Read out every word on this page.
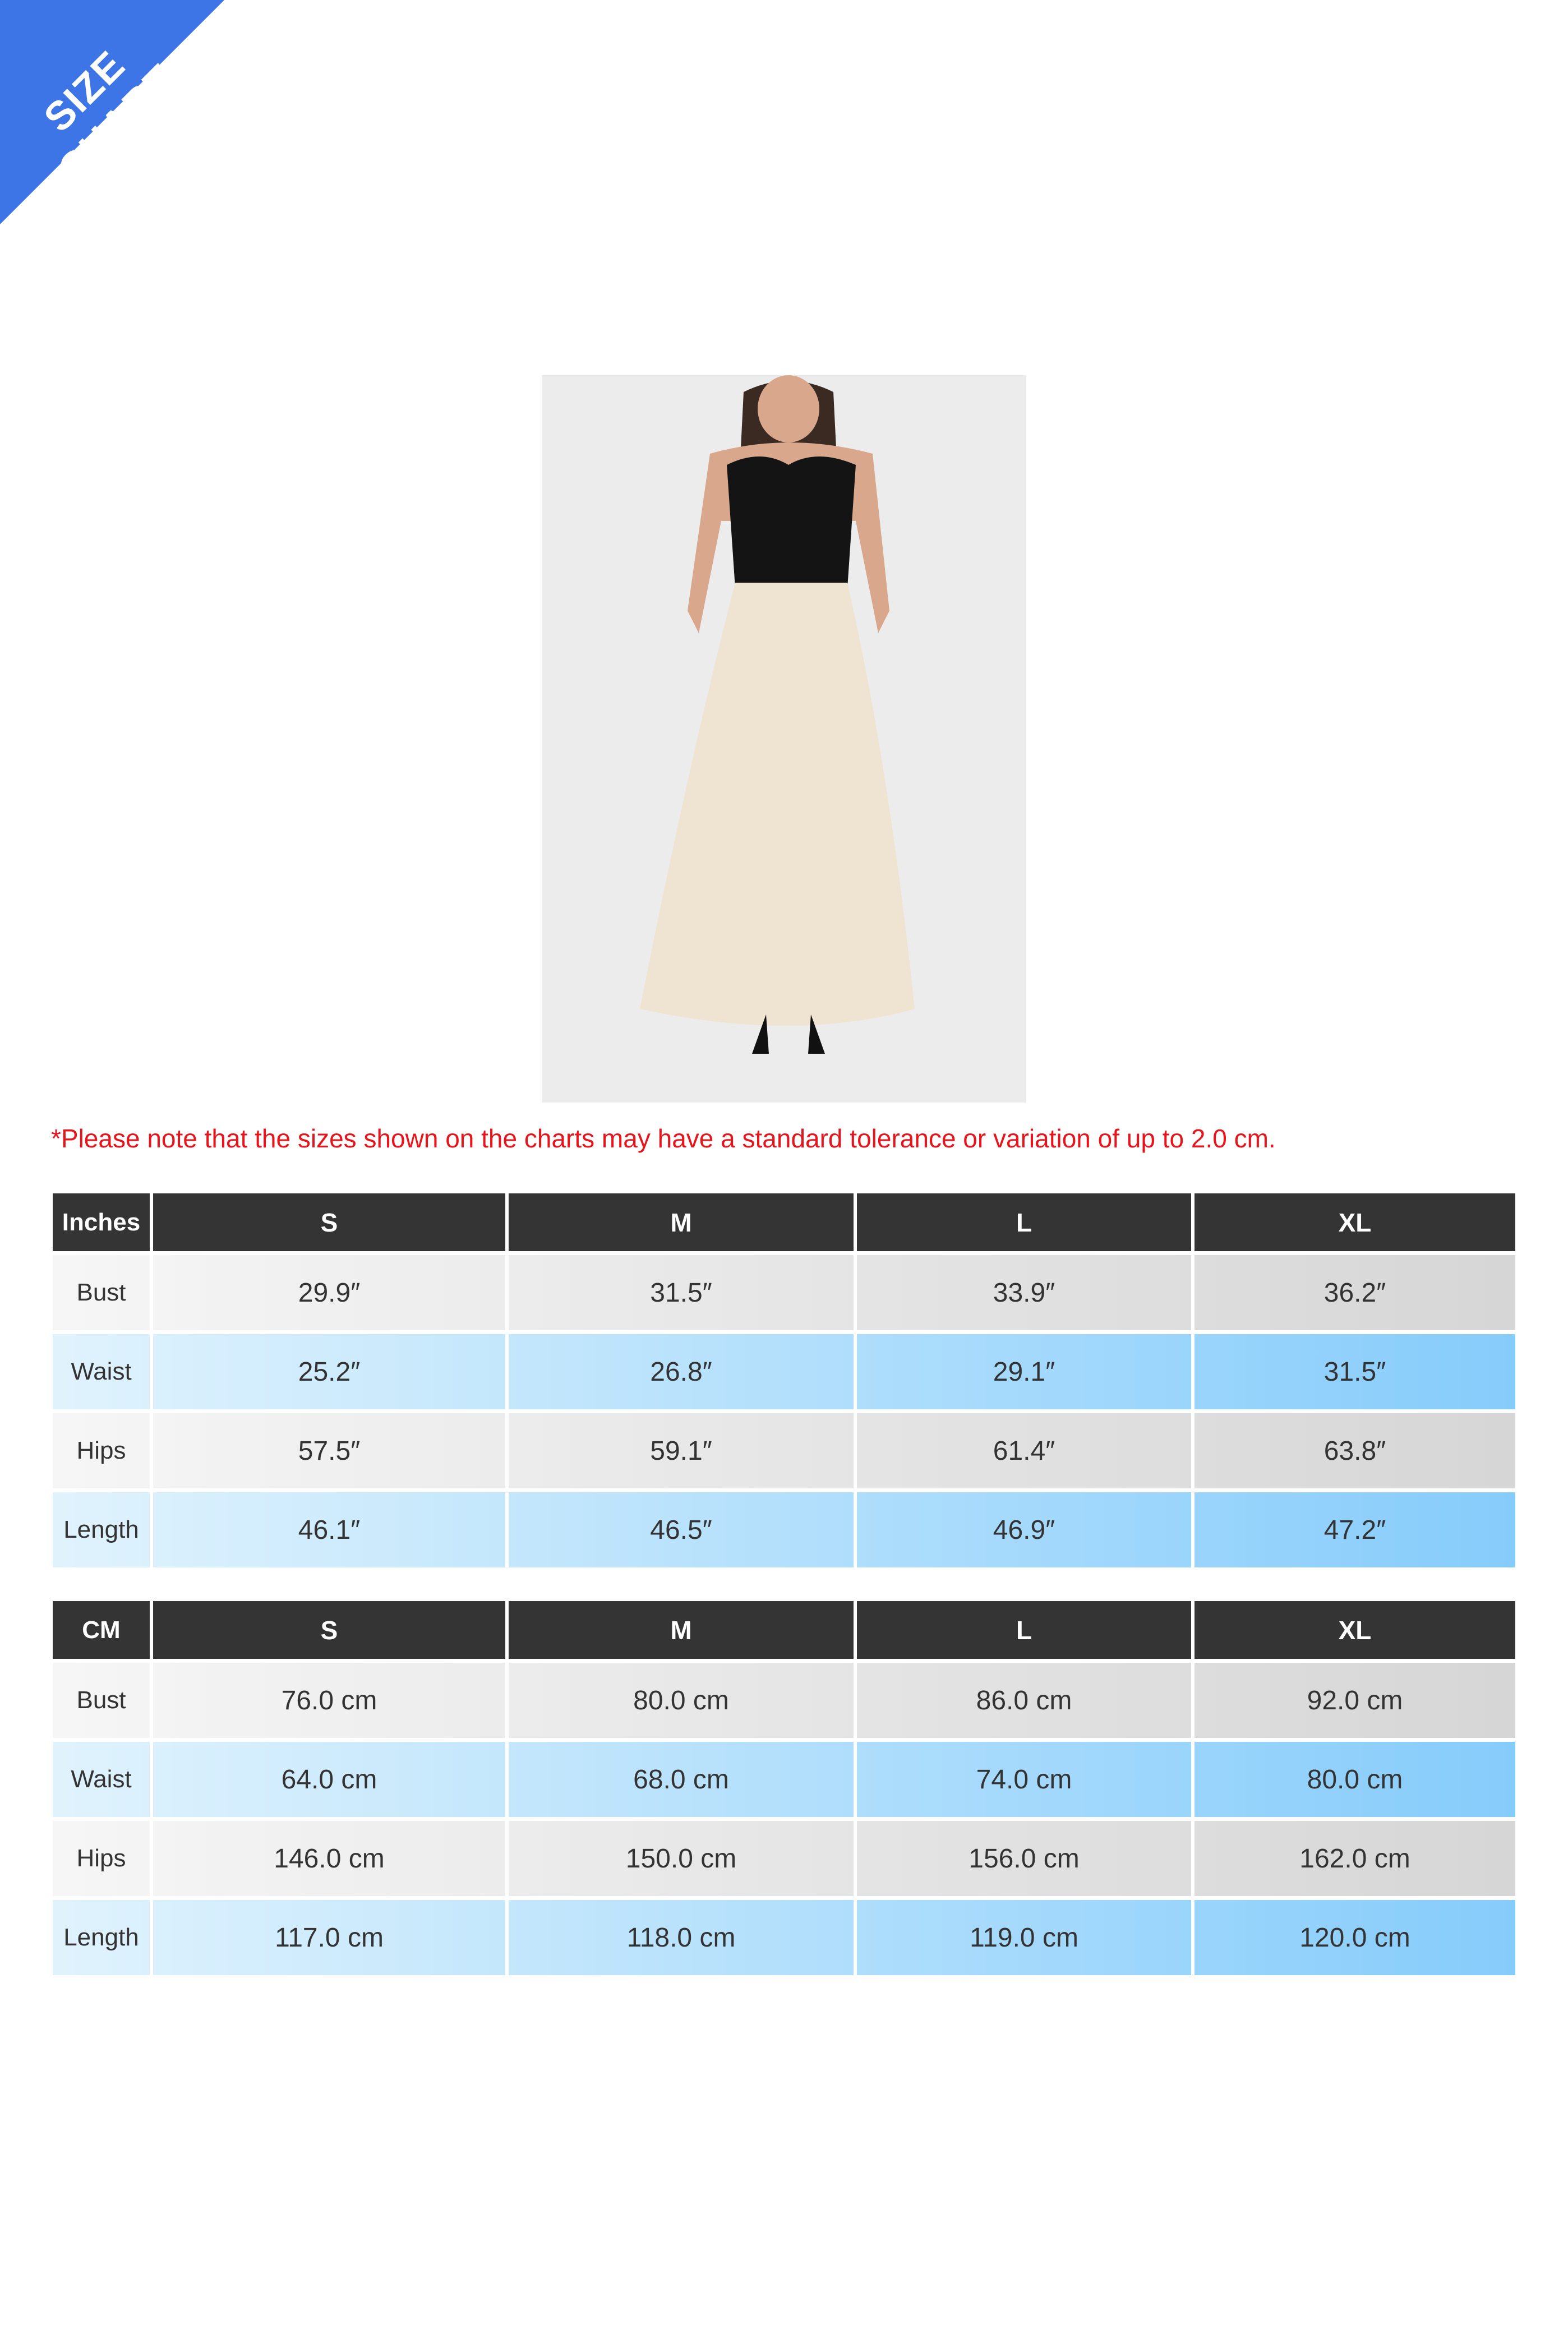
SIZE CHART
*Please note that the sizes shown on the charts may have a standard tolerance or variation of up to 2.0 cm.
Inches	S	M	L	XL
Bust	29.9″	31.5″	33.9″	36.2″
Waist	25.2″	26.8″	29.1″	31.5″
Hips	57.5″	59.1″	61.4″	63.8″
Length	46.1″	46.5″	46.9″	47.2″
CM	S	M	L	XL
Bust	76.0 cm	80.0 cm	86.0 cm	92.0 cm
Waist	64.0 cm	68.0 cm	74.0 cm	80.0 cm
Hips	146.0 cm	150.0 cm	156.0 cm	162.0 cm
Length	117.0 cm	118.0 cm	119.0 cm	120.0 cm
